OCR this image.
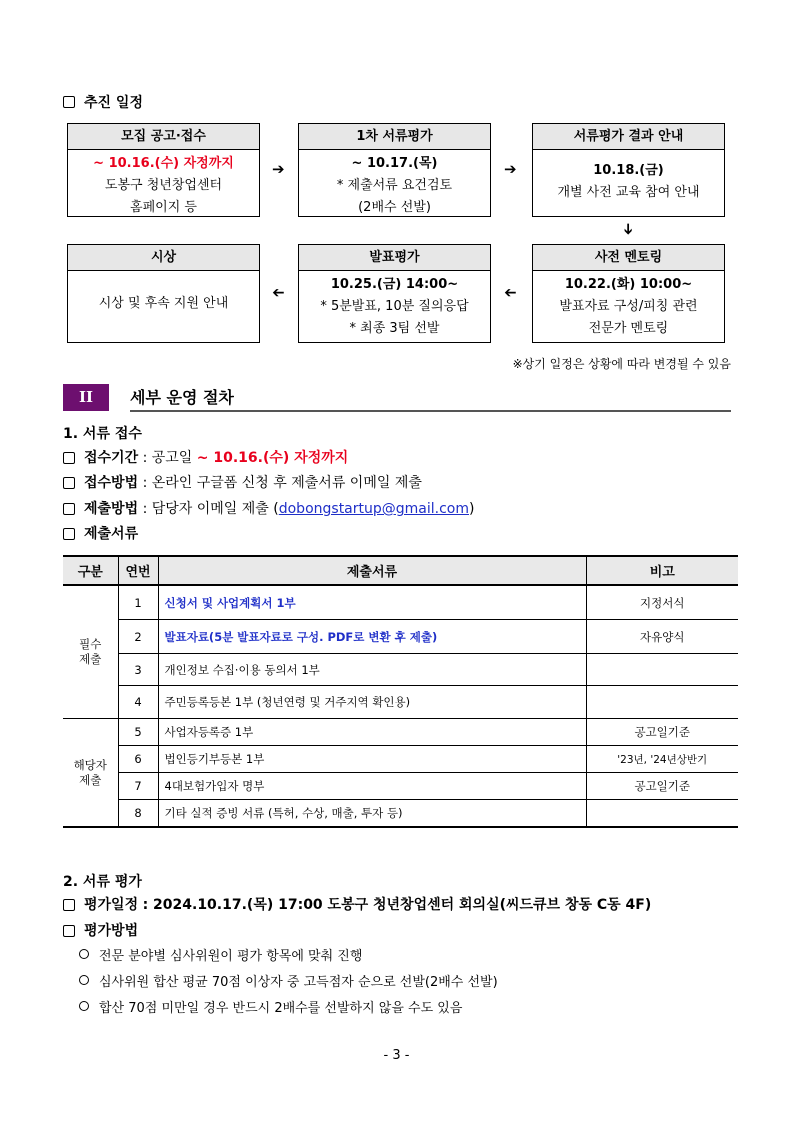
추진 일정
모집 공고·접수
~ 10.16.(수) 자정까지
도봉구 청년창업센터
홈페이지 등
➔
1차 서류평가
~ 10.17.(목)
* 제출서류 요건검토
(2배수 선발)
➔
서류평가 결과 안내
10.18.(금)
개별 사전 교육 참여 안내
➔
시상
시상 및 후속 지원 안내
➔
발표평가
10.25.(금) 14:00~
* 5분발표, 10분 질의응답
* 최종 3팀 선발
➔
사전 멘토링
10.22.(화) 10:00~
발표자료 구성/피칭 관련
전문가 멘토링
※상기 일정은 상황에 따라 변경될 수 있음
II	세부 운영 절차
1. 서류 접수
접수기간 : 공고일 ~ 10.16.(수) 자정까지
접수방법 : 온라인 구글폼 신청 후 제출서류 이메일 제출
제출방법 : 담당자 이메일 제출 (dobongstartup@gmail.com)
제출서류
구분	연번	제출서류	비고
필수
제출	1	신청서 및 사업계획서 1부	지정서식
	2	발표자료(5분 발표자료로 구성. PDF로 변환 후 제출)	자유양식
	3	개인정보 수집·이용 동의서 1부	
	4	주민등록등본 1부 (청년연령 및 거주지역 확인용)	
해당자
제출	5	사업자등록증 1부	공고일기준
	6	법인등기부등본 1부	'23년, '24년상반기
	7	4대보험가입자 명부	공고일기준
	8	기타 실적 증빙 서류 (특허, 수상, 매출, 투자 등)	
2. 서류 평가
평가일정 : 2024.10.17.(목) 17:00 도봉구 청년창업센터 회의실(씨드큐브 창동 C동 4F)
평가방법
전문 분야별 심사위원이 평가 항목에 맞춰 진행
심사위원 합산 평균 70점 이상자 중 고득점자 순으로 선발(2배수 선발)
합산 70점 미만일 경우 반드시 2배수를 선발하지 않을 수도 있음
- 3 -
